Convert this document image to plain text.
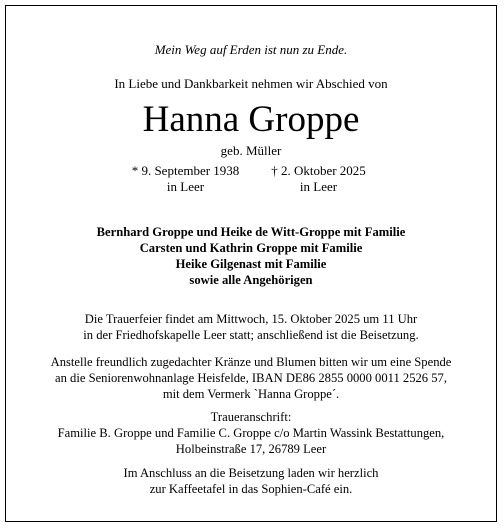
Mein Weg auf Erden ist nun zu Ende.
In Liebe und Dankbarkeit nehmen wir Abschied von
Hanna Groppe
geb. Müller
* 9. September 1938
in Leer
† 2. Oktober 2025
in Leer
Bernhard Groppe und Heike de Witt-Groppe mit Familie
Carsten und Kathrin Groppe mit Familie
Heike Gilgenast mit Familie
sowie alle Angehörigen
Die Trauerfeier findet am Mittwoch, 15. Oktober 2025 um 11 Uhr
in der Friedhofskapelle Leer statt; anschließend ist die Beisetzung.
Anstelle freundlich zugedachter Kränze und Blumen bitten wir um eine Spende
an die Seniorenwohnanlage Heisfelde, IBAN DE86 2855 0000 0011 2526 57,
mit dem Vermerk `Hanna Groppe´.
Traueranschrift:
Familie B. Groppe und Familie C. Groppe c/o Martin Wassink Bestattungen,
Holbeinstraße 17, 26789 Leer
Im Anschluss an die Beisetzung laden wir herzlich
zur Kaffeetafel in das Sophien-Café ein.
